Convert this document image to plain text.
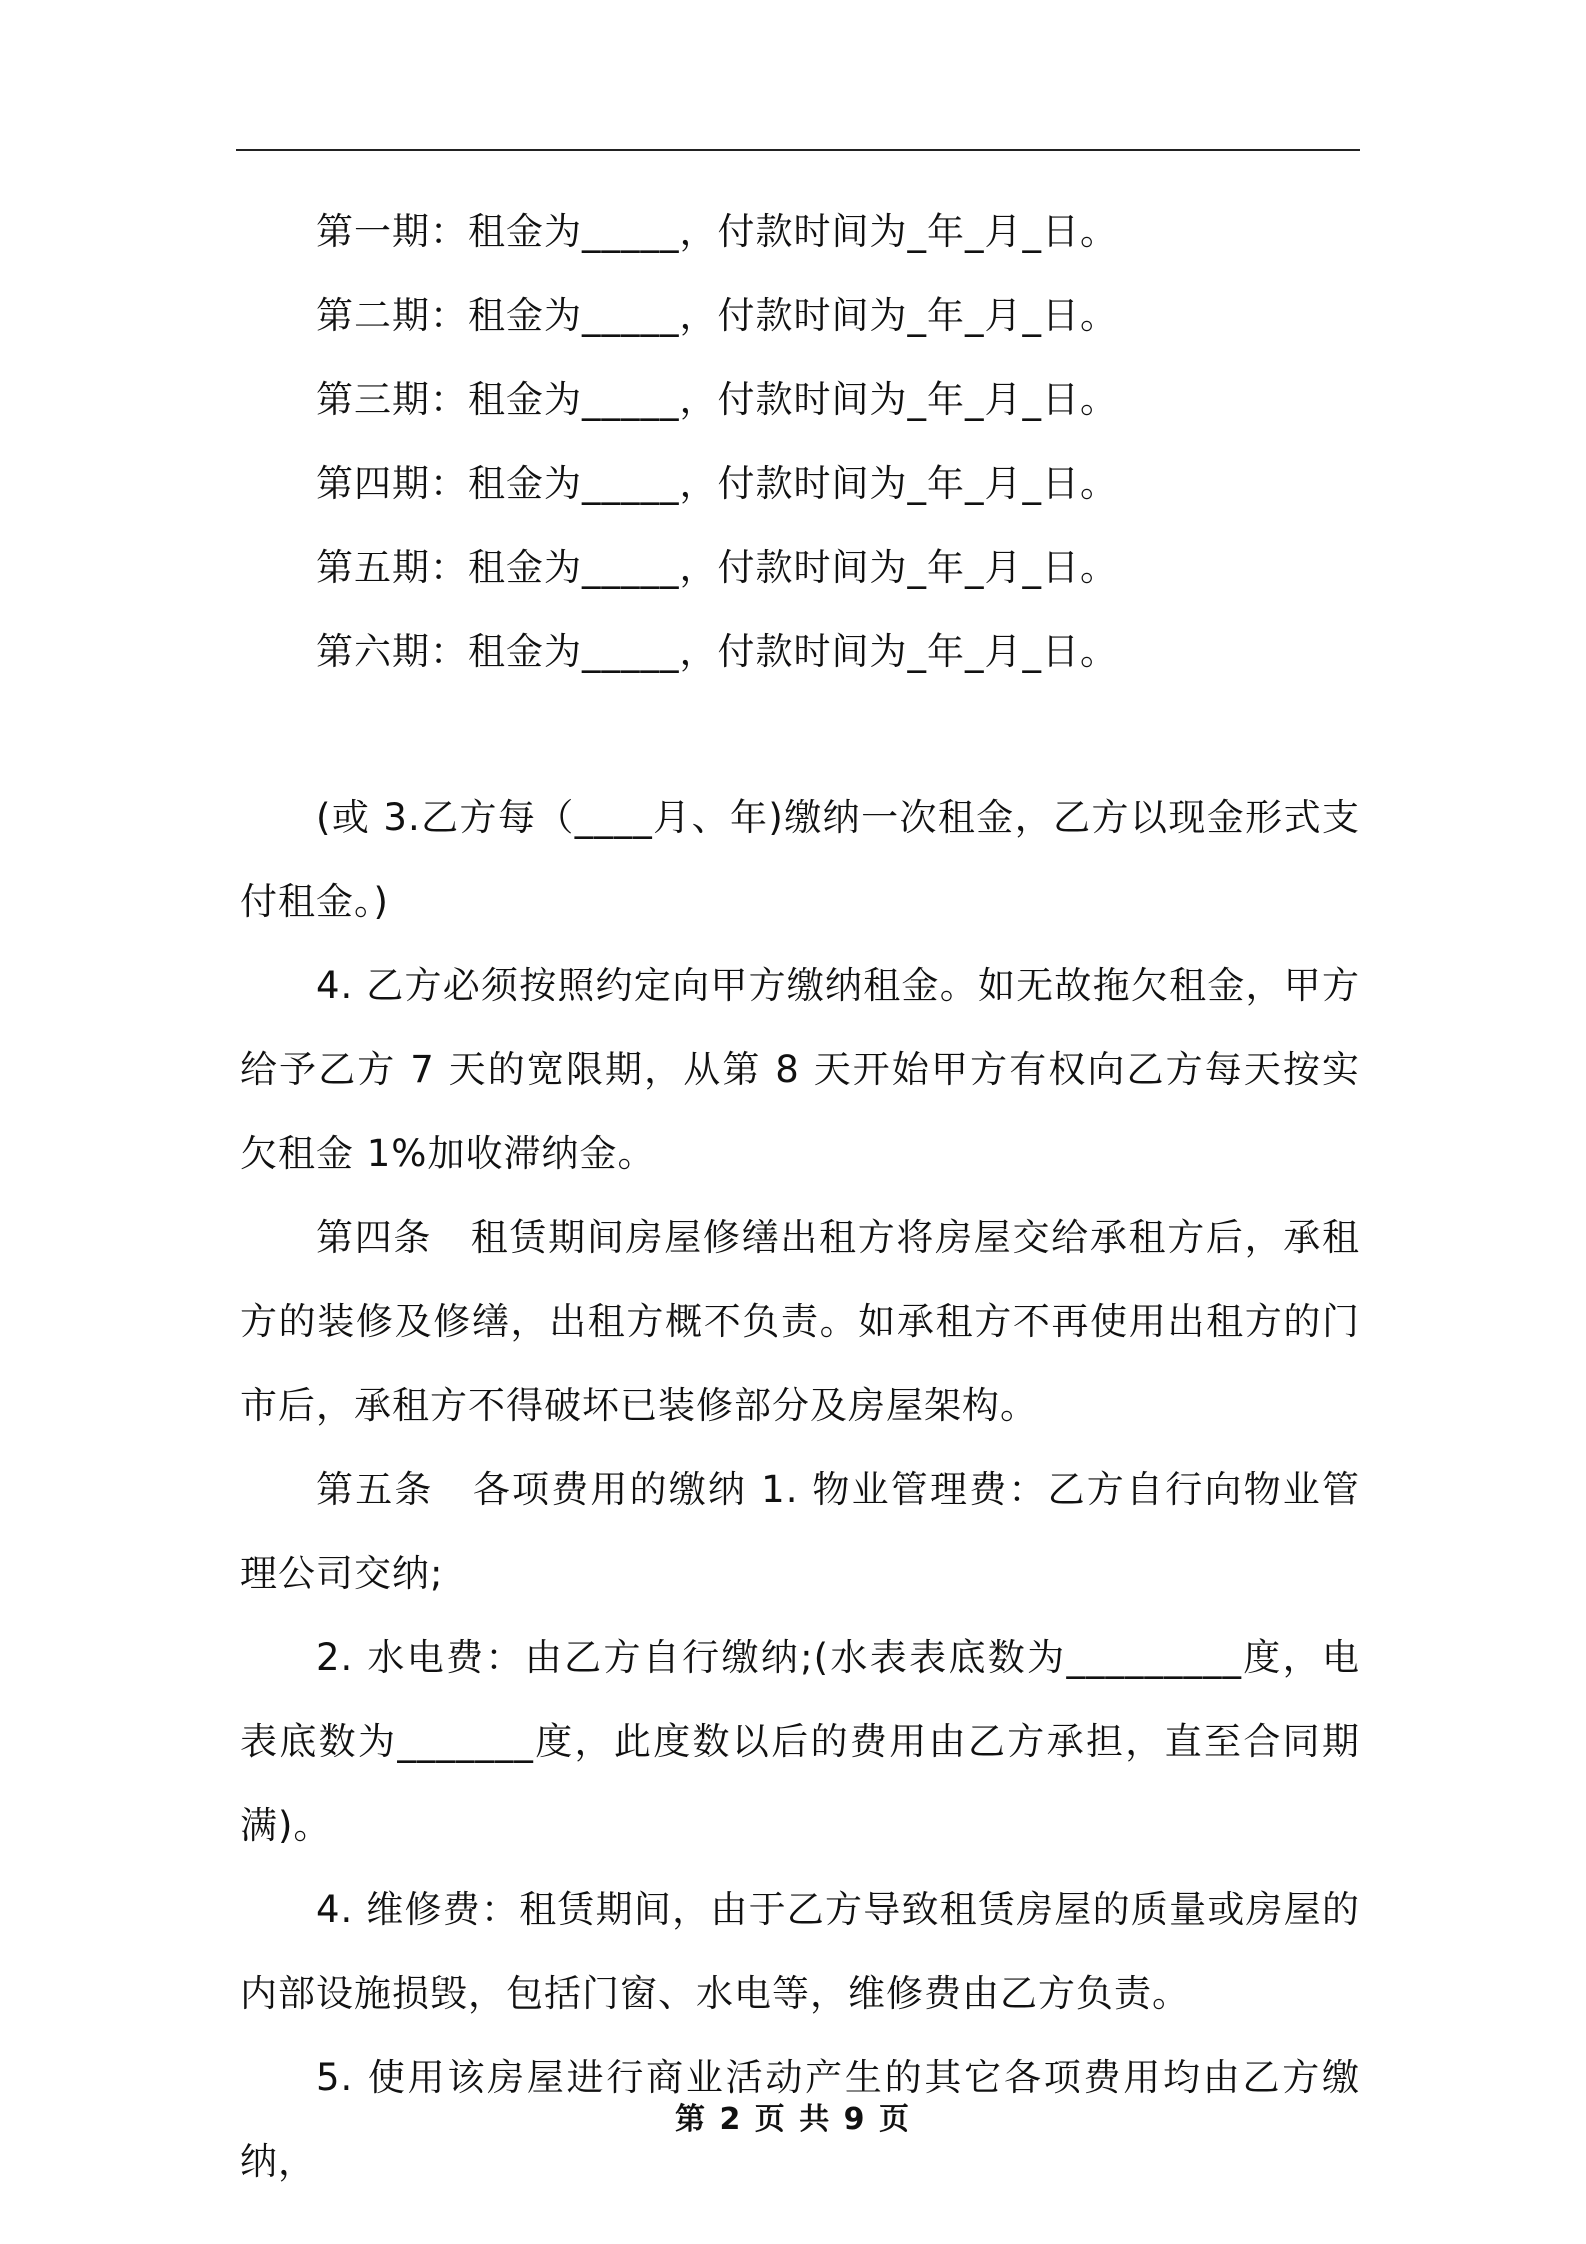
第一期：租金为_____，付款时间为_年_月_日。
第二期：租金为_____，付款时间为_年_月_日。
第三期：租金为_____，付款时间为_年_月_日。
第四期：租金为_____，付款时间为_年_月_日。
第五期：租金为_____，付款时间为_年_月_日。
第六期：租金为_____，付款时间为_年_月_日。

(或 3.乙方每（____月、年)缴纳一次租金，乙方以现金形式支付租金。)

4. 乙方必须按照约定向甲方缴纳租金。如无故拖欠租金，甲方给予乙方 7 天的宽限期，从第 8 天开始甲方有权向乙方每天按实欠租金 1%加收滞纳金。

第四条　租赁期间房屋修缮出租方将房屋交给承租方后，承租方的装修及修缮，出租方概不负责。如承租方不再使用出租方的门市后，承租方不得破坏已装修部分及房屋架构。

第五条　各项费用的缴纳 1. 物业管理费：乙方自行向物业管理公司交纳;

2. 水电费：由乙方自行缴纳;(水表表底数为_________度，电表底数为_______度，此度数以后的费用由乙方承担，直至合同期满)。

4. 维修费：租赁期间，由于乙方导致租赁房屋的质量或房屋的内部设施损毁，包括门窗、水电等，维修费由乙方负责。

5. 使用该房屋进行商业活动产生的其它各项费用均由乙方缴纳，

第 2 页 共 9 页
